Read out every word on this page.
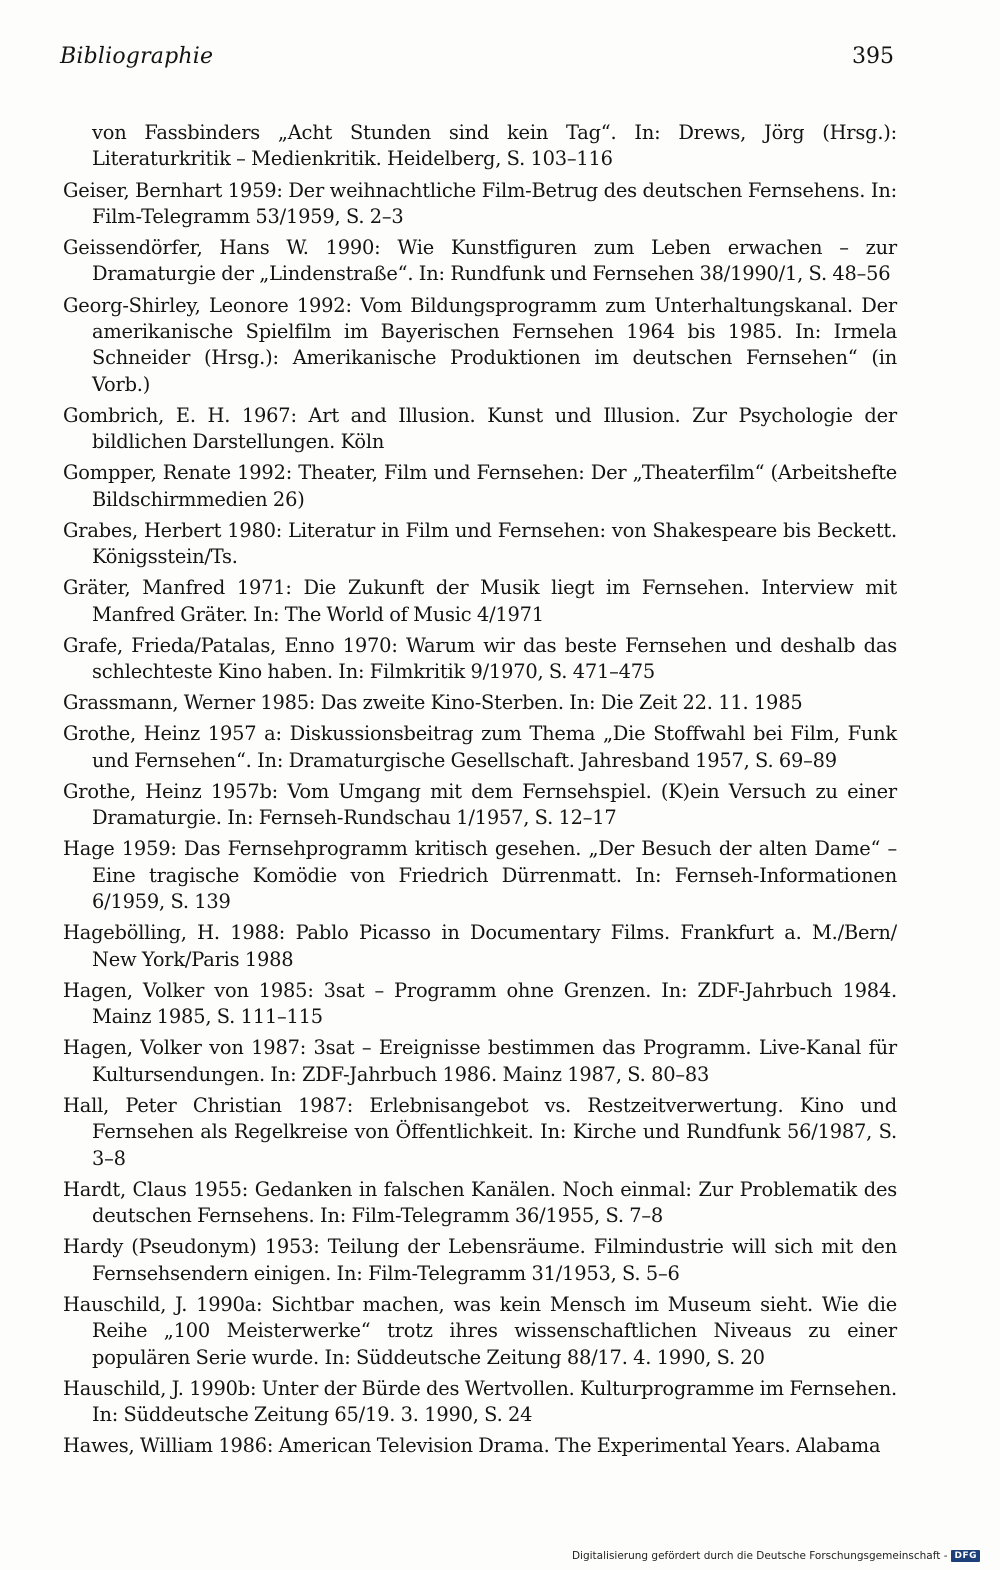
Bibliographie	395
von Fassbinders „Acht Stunden sind kein Tag“. In: Drews, Jörg (Hrsg.): Literaturkritik – Medienkritik. Heidelberg, S. 103–116
Geiser, Bernhart 1959: Der weihnachtliche Film-Betrug des deutschen Fernsehens. In: Film-Telegramm 53/1959, S. 2–3
Geissendörfer, Hans W. 1990: Wie Kunstfiguren zum Leben erwachen – zur Dramaturgie der „Lindenstraße“. In: Rundfunk und Fernsehen 38/1990/1, S. 48–56
Georg-Shirley, Leonore 1992: Vom Bildungsprogramm zum Unterhaltungskanal. Der amerikanische Spielfilm im Bayerischen Fernsehen 1964 bis 1985. In: Irmela Schneider (Hrsg.): Amerikanische Produktionen im deutschen Fernsehen“ (in Vorb.)
Gombrich, E. H. 1967: Art and Illusion. Kunst und Illusion. Zur Psychologie der bildlichen Darstellungen. Köln
Gompper, Renate 1992: Theater, Film und Fernsehen: Der „Theaterfilm“ (Arbeitshefte Bildschirmmedien 26)
Grabes, Herbert 1980: Literatur in Film und Fernsehen: von Shakespeare bis Beckett. Königsstein/Ts.
Gräter, Manfred 1971: Die Zukunft der Musik liegt im Fernsehen. Interview mit Manfred Gräter. In: The World of Music 4/1971
Grafe, Frieda/Patalas, Enno 1970: Warum wir das beste Fernsehen und deshalb das schlechteste Kino haben. In: Filmkritik 9/1970, S. 471–475
Grassmann, Werner 1985: Das zweite Kino-Sterben. In: Die Zeit 22. 11. 1985
Grothe, Heinz 1957 a: Diskussionsbeitrag zum Thema „Die Stoffwahl bei Film, Funk und Fernsehen“. In: Dramaturgische Gesellschaft. Jahresband 1957, S. 69–89
Grothe, Heinz 1957b: Vom Umgang mit dem Fernsehspiel. (K)ein Versuch zu einer Dramaturgie. In: Fernseh-Rundschau 1/1957, S. 12–17
Hage 1959: Das Fernsehprogramm kritisch gesehen. „Der Besuch der alten Dame“ – Eine tragische Komödie von Friedrich Dürrenmatt. In: Fernseh-Informationen 6/1959, S. 139
Hagebölling, H. 1988: Pablo Picasso in Documentary Films. Frankfurt a. M./Bern/ New York/Paris 1988
Hagen, Volker von 1985: 3sat – Programm ohne Grenzen. In: ZDF-Jahrbuch 1984. Mainz 1985, S. 111–115
Hagen, Volker von 1987: 3sat – Ereignisse bestimmen das Programm. Live-Kanal für Kultursendungen. In: ZDF-Jahrbuch 1986. Mainz 1987, S. 80–83
Hall, Peter Christian 1987: Erlebnisangebot vs. Restzeitverwertung. Kino und Fernsehen als Regelkreise von Öffentlichkeit. In: Kirche und Rundfunk 56/1987, S. 3–8
Hardt, Claus 1955: Gedanken in falschen Kanälen. Noch einmal: Zur Problematik des deutschen Fernsehens. In: Film-Telegramm 36/1955, S. 7–8
Hardy (Pseudonym) 1953: Teilung der Lebensräume. Filmindustrie will sich mit den Fernsehsendern einigen. In: Film-Telegramm 31/1953, S. 5–6
Hauschild, J. 1990a: Sichtbar machen, was kein Mensch im Museum sieht. Wie die Reihe „100 Meisterwerke“ trotz ihres wissenschaftlichen Niveaus zu einer populären Serie wurde. In: Süddeutsche Zeitung 88/17. 4. 1990, S. 20
Hauschild, J. 1990b: Unter der Bürde des Wertvollen. Kulturprogramme im Fernsehen. In: Süddeutsche Zeitung 65/19. 3. 1990, S. 24
Hawes, William 1986: American Television Drama. The Experimental Years. Alabama
Digitalisierung gefördert durch die Deutsche Forschungsgemeinschaft - DFG
